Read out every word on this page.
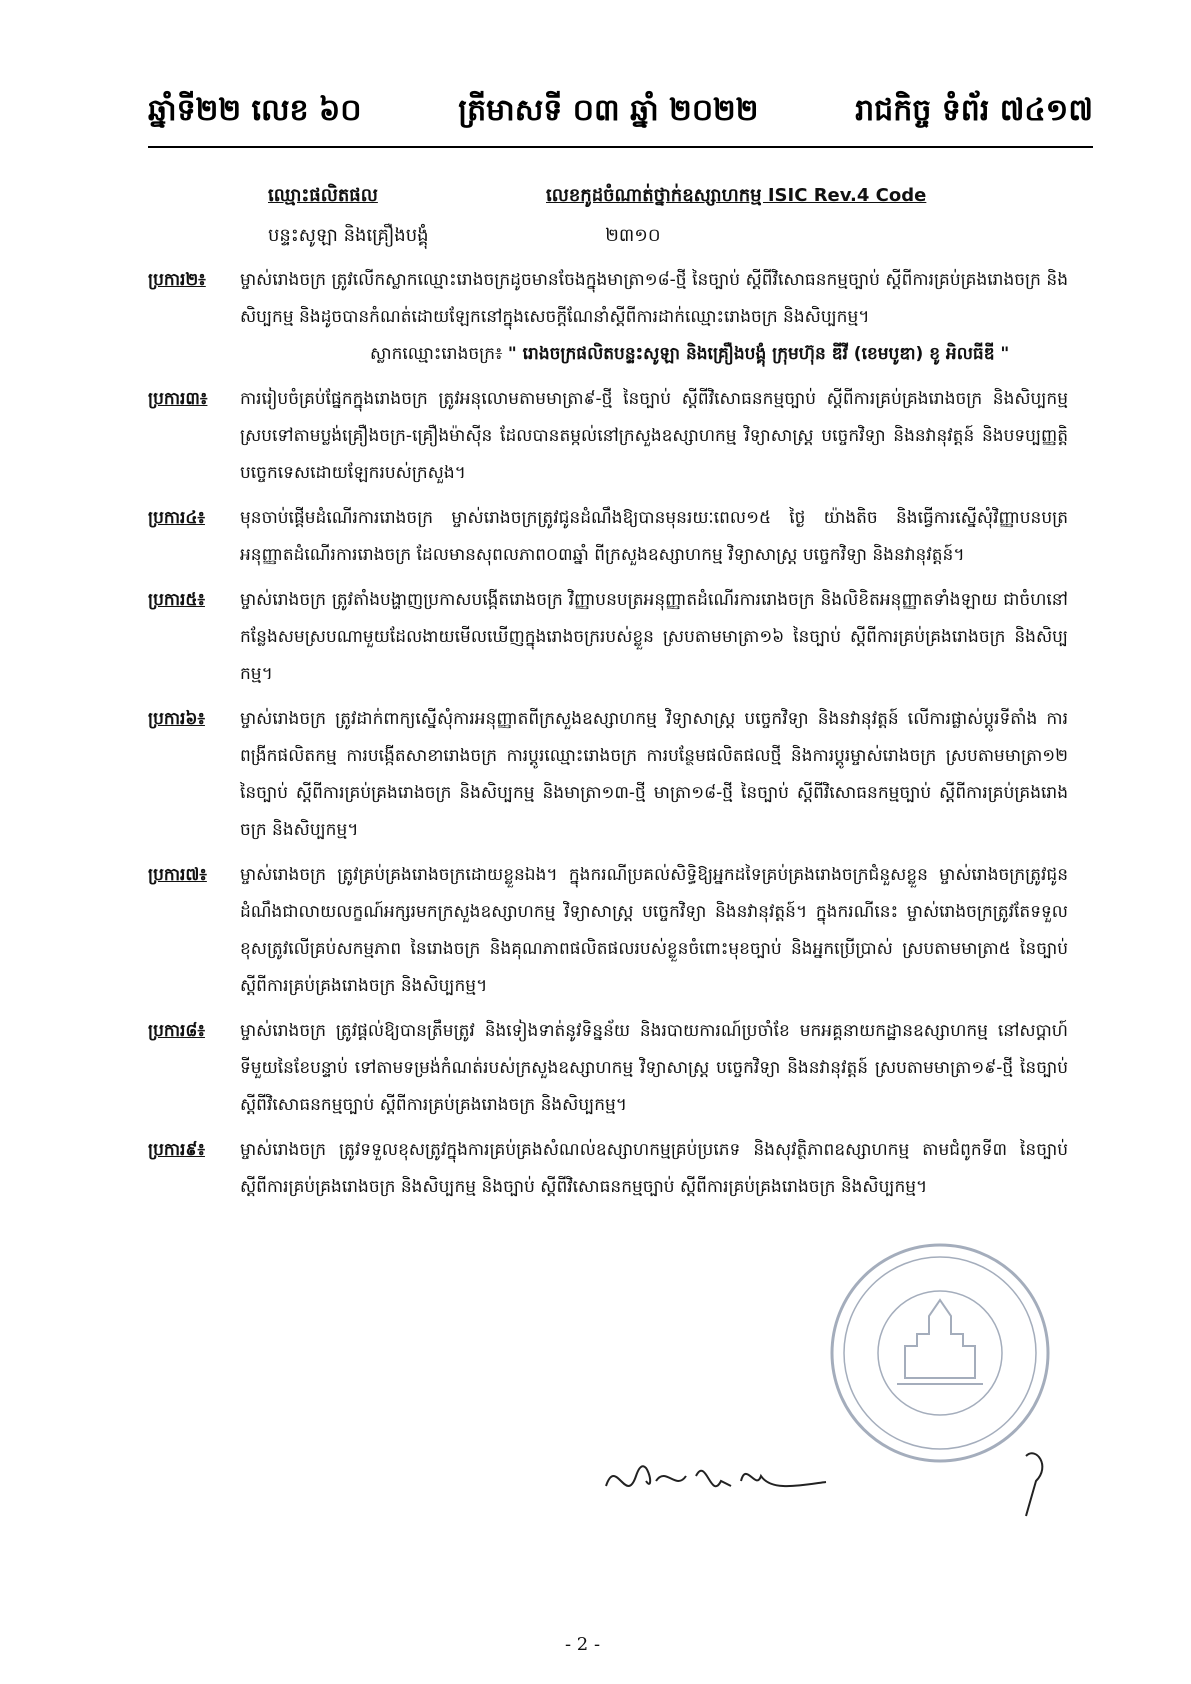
ឆ្នាំទី២២ លេខ ៦០	ត្រីមាសទី ០៣ ឆ្នាំ ២០២២	រាជកិច្ច ទំព័រ ៧៤១៧
ឈ្មោះផលិតផល	លេខកូដចំណាត់ថ្នាក់ឧស្សាហកម្ម ISIC Rev.4 Code
បន្ទះសូឡា និងគ្រឿងបង្គុំ	២៣១០
ប្រការ២៖	ម្ចាស់រោងចក្រ ត្រូវលើកស្លាកឈ្មោះរោងចក្រដូចមានចែងក្នុងមាត្រា១៨-ថ្មី នៃច្បាប់ ស្តីពីវិសោធនកម្មច្បាប់ ស្តីពីការគ្រប់គ្រងរោងចក្រ និងសិប្បកម្ម និងដូចបានកំណត់ដោយឡែកនៅក្នុងសេចក្តីណែនាំស្តីពីការដាក់ឈ្មោះរោងចក្រ និងសិប្បកម្ម។
ស្លាកឈ្មោះរោងចក្រ៖ " រោងចក្រផលិតបន្ទះសូឡា និងគ្រឿងបង្គុំ ក្រុមហ៊ុន ឌីវី (ខេមបូឌា) ខូ អិលធីឌី "
ប្រការ៣៖	ការរៀបចំគ្រប់ផ្នែកក្នុងរោងចក្រ ត្រូវអនុលោមតាមមាត្រា៩-ថ្មី នៃច្បាប់ ស្តីពីវិសោធនកម្មច្បាប់ ស្តីពីការគ្រប់គ្រងរោងចក្រ និងសិប្បកម្ម ស្របទៅតាមប្លង់គ្រឿងចក្រ-គ្រឿងម៉ាស៊ីន ដែលបានតម្កល់នៅក្រសួងឧស្សាហកម្ម វិទ្យាសាស្ត្រ បច្ចេកវិទ្យា និងនវានុវត្តន៍ និងបទប្បញ្ញត្តិបច្ចេកទេសដោយឡែករបស់ក្រសួង។
ប្រការ៤៖	មុនចាប់ផ្តើមដំណើរការរោងចក្រ ម្ចាស់រោងចក្រត្រូវជូនដំណឹងឱ្យបានមុនរយៈពេល១៥ ថ្ងៃ យ៉ាងតិច និងធ្វើការស្នើសុំវិញ្ញាបនបត្រអនុញ្ញាតដំណើរការរោងចក្រ ដែលមានសុពលភាព០៣ឆ្នាំ ពីក្រសួងឧស្សាហកម្ម វិទ្យាសាស្ត្រ បច្ចេកវិទ្យា និងនវានុវត្តន៍។
ប្រការ៥៖	ម្ចាស់រោងចក្រ ត្រូវតាំងបង្ហាញប្រកាសបង្កើតរោងចក្រ វិញ្ញាបនបត្រអនុញ្ញាតដំណើរការរោងចក្រ និងលិខិតអនុញ្ញាតទាំងឡាយ ជាចំហនៅកន្លែងសមស្របណាមួយដែលងាយមើលឃើញក្នុងរោងចក្ររបស់ខ្លួន ស្របតាមមាត្រា១៦ នៃច្បាប់ ស្តីពីការគ្រប់គ្រងរោងចក្រ និងសិប្បកម្ម។
ប្រការ៦៖	ម្ចាស់រោងចក្រ ត្រូវដាក់ពាក្យស្នើសុំការអនុញ្ញាតពីក្រសួងឧស្សាហកម្ម វិទ្យាសាស្ត្រ បច្ចេកវិទ្យា និងនវានុវត្តន៍ លើការផ្លាស់ប្តូរទីតាំង ការពង្រីកផលិតកម្ម ការបង្កើតសាខារោងចក្រ ការប្តូរឈ្មោះរោងចក្រ ការបន្ថែមផលិតផលថ្មី និងការប្តូរម្ចាស់រោងចក្រ ស្របតាមមាត្រា១២ នៃច្បាប់ ស្តីពីការគ្រប់គ្រងរោងចក្រ និងសិប្បកម្ម និងមាត្រា១៣-ថ្មី មាត្រា១៨-ថ្មី នៃច្បាប់ ស្តីពីវិសោធនកម្មច្បាប់ ស្តីពីការគ្រប់គ្រងរោងចក្រ និងសិប្បកម្ម។
ប្រការ៧៖	ម្ចាស់រោងចក្រ ត្រូវគ្រប់គ្រងរោងចក្រដោយខ្លួនឯង។ ក្នុងករណីប្រគល់សិទ្ធិឱ្យអ្នកដទៃគ្រប់គ្រងរោងចក្រជំនួសខ្លួន ម្ចាស់រោងចក្រត្រូវជូនដំណឹងជាលាយលក្ខណ៍អក្សរមកក្រសួងឧស្សាហកម្ម វិទ្យាសាស្ត្រ បច្ចេកវិទ្យា និងនវានុវត្តន៍។ ក្នុងករណីនេះ ម្ចាស់រោងចក្រត្រូវតែទទួលខុសត្រូវលើគ្រប់សកម្មភាព នៃរោងចក្រ និងគុណភាពផលិតផលរបស់ខ្លួនចំពោះមុខច្បាប់ និងអ្នកប្រើប្រាស់ ស្របតាមមាត្រា៥ នៃច្បាប់ ស្តីពីការគ្រប់គ្រងរោងចក្រ និងសិប្បកម្ម។
ប្រការ៨៖	ម្ចាស់រោងចក្រ ត្រូវផ្តល់ឱ្យបានត្រឹមត្រូវ និងទៀងទាត់នូវទិន្នន័យ និងរបាយការណ៍ប្រចាំខែ មកអគ្គនាយកដ្ឋានឧស្សាហកម្ម នៅសប្តាហ៍ទីមួយនៃខែបន្ទាប់ ទៅតាមទម្រង់កំណត់របស់ក្រសួងឧស្សាហកម្ម វិទ្យាសាស្ត្រ បច្ចេកវិទ្យា និងនវានុវត្តន៍ ស្របតាមមាត្រា១៩-ថ្មី នៃច្បាប់ ស្តីពីវិសោធនកម្មច្បាប់ ស្តីពីការគ្រប់គ្រងរោងចក្រ និងសិប្បកម្ម។
ប្រការ៩៖	ម្ចាស់រោងចក្រ ត្រូវទទួលខុសត្រូវក្នុងការគ្រប់គ្រងសំណល់ឧស្សាហកម្មគ្រប់ប្រភេទ និងសុវត្ថិភាពឧស្សាហកម្ម តាមជំពូកទី៣ នៃច្បាប់ ស្តីពីការគ្រប់គ្រងរោងចក្រ និងសិប្បកម្ម និងច្បាប់ ស្តីពីវិសោធនកម្មច្បាប់ ស្តីពីការគ្រប់គ្រងរោងចក្រ និងសិប្បកម្ម។
- 2 -
